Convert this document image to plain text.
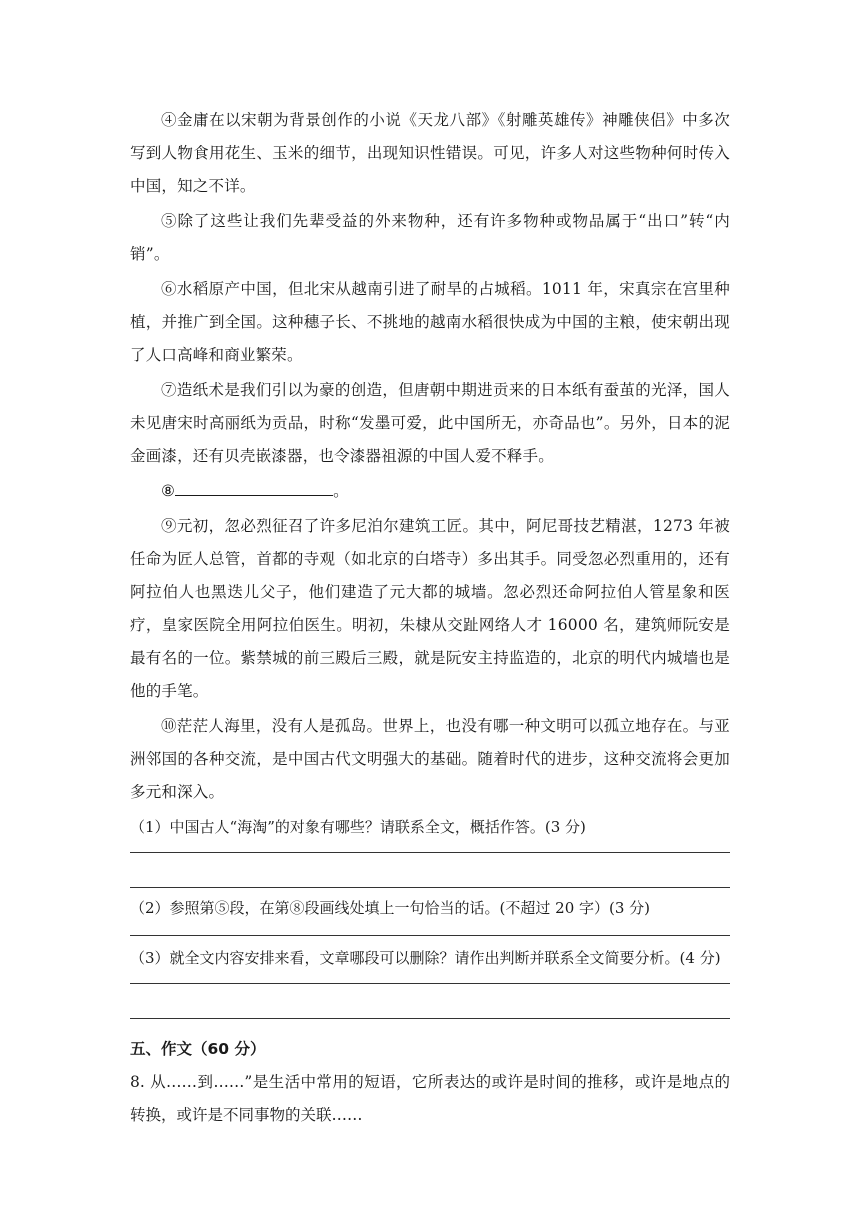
④金庸在以宋朝为背景创作的小说《天龙八部》《射雕英雄传》神雕侠侣》中多次写到人物食用花生、玉米的细节，出现知识性错误。可见，许多人对这些物种何时传入中国，知之不详。

⑤除了这些让我们先辈受益的外来物种，还有许多物种或物品属于“出口”转“内销”。

⑥水稻原产中国，但北宋从越南引进了耐旱的占城稻。1011 年，宋真宗在宫里种植，并推广到全国。这种穗子长、不挑地的越南水稻很快成为中国的主粮，使宋朝出现了人口高峰和商业繁荣。

⑦造纸术是我们引以为豪的创造，但唐朝中期进贡来的日本纸有蚕茧的光泽，国人未见唐宋时高丽纸为贡品，时称“发墨可爱，此中国所无，亦奇品也”。另外，日本的泥金画漆，还有贝壳嵌漆器，也令漆器祖源的中国人爱不释手。

⑧	。

⑨元初，忽必烈征召了许多尼泊尔建筑工匠。其中，阿尼哥技艺精湛，1273 年被任命为匠人总管，首都的寺观（如北京的白塔寺）多出其手。同受忽必烈重用的，还有阿拉伯人也黑迭儿父子，他们建造了元大都的城墙。忽必烈还命阿拉伯人管星象和医疗，皇家医院全用阿拉伯医生。明初，朱棣从交趾网络人才 16000 名，建筑师阮安是最有名的一位。紫禁城的前三殿后三殿，就是阮安主持监造的，北京的明代内城墙也是他的手笔。

⑩茫茫人海里，没有人是孤岛。世界上，也没有哪一种文明可以孤立地存在。与亚洲邻国的各种交流，是中国古代文明强大的基础。随着时代的进步，这种交流将会更加多元和深入。

（1）中国古人“海淘”的对象有哪些？请联系全文，概括作答。(3 分)

（2）参照第⑤段，在第⑧段画线处填上一句恰当的话。(不超过 20 字）(3 分)

（3）就全文内容安排来看，文章哪段可以删除？请作出判断并联系全文简要分析。(4 分)

五、作文（60 分）

8. 从……到……”是生活中常用的短语，它所表达的或许是时间的推移，或许是地点的转换，或许是不同事物的关联……
